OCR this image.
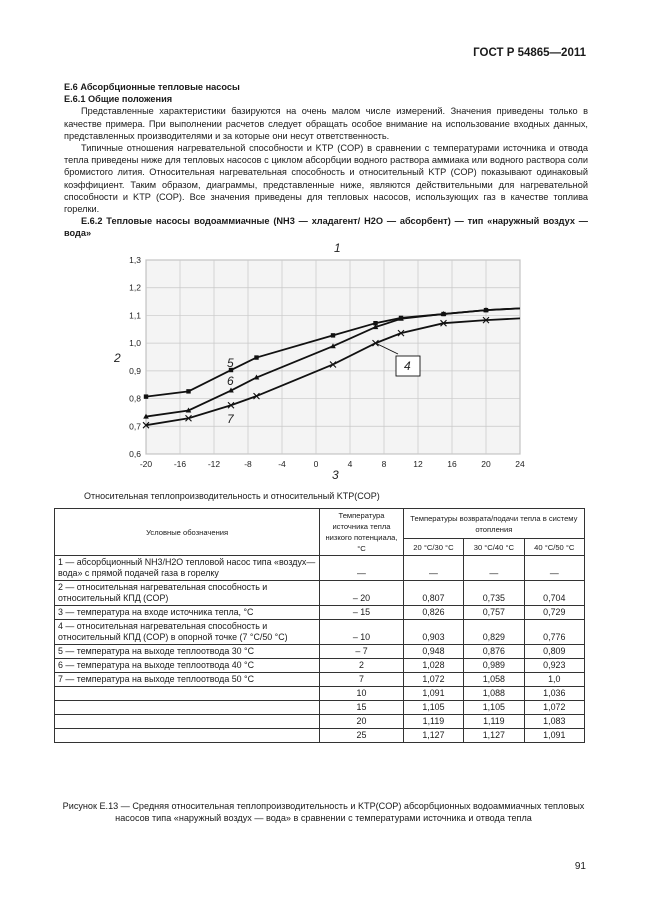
ГОСТ Р 54865—2011
Е.6 Абсорбционные тепловые насосы
Е.6.1 Общие положения

Представленные характеристики базируются на очень малом числе измерений. Значения приведены только в качестве примера. При выполнении расчетов следует обращать особое внимание на использование входных данных, представленных производителями и за которые они несут ответственность.

Типичные отношения нагревательной способности и KТР (COP) в сравнении с температурами источника и отвода тепла приведены ниже для тепловых насосов с циклом абсорбции водного раствора аммиака или водного раствора соли бромистого лития. Относительная нагревательная способность и относительный KТР (COP) показывают одинаковый коэффициент. Таким образом, диаграммы, представленные ниже, являются действительными для нагревательной способности и KТР (COP). Все значения приведены для тепловых насосов, использующих газ в качестве топлива горелки.

Е.6.2 Тепловые насосы водоаммиачные (NH3 — хладагент/ H2O — абсорбент) — тип «наружный воздух — вода»

-20	-16	-12	-8	-4	0	4	8	12	16	20	24
0,6
0,7
0,8
0,9
1,0
1,1
1,2
1,3
1
2
3
5
6
7
4
Относительная теплопроизводительность и относительный KТР(COP)
Условные обозначения	Температура источника тепла низкого потенциала, °С	Температуры возврата/подачи тепла в систему отопления		
		20 °С/30 °С	30 °С/40 °С	40 °С/50 °С
1 — абсорбционный NH3/H2O тепловой насос типа «воздух—вода» с прямой подачей газа в горелку	—	—	—	—
2 — относительная нагревательная способность и относительный КПД (COP)	– 20	0,807	0,735	0,704
3 — температура на входе источника тепла, °С	– 15	0,826	0,757	0,729
4 — относительная нагревательная способность и относительный КПД (COP) в опорной точке (7 °С/50 °С)	– 10	0,903	0,829	0,776
5 — температура на выходе теплоотвода 30 °С	– 7	0,948	0,876	0,809
6 — температура на выходе теплоотвода 40 °С	2	1,028	0,989	0,923
7 — температура на выходе теплоотвода 50 °С	7	1,072	1,058	1,0
	10	1,091	1,088	1,036
	15	1,105	1,105	1,072
	20	1,119	1,119	1,083
	25	1,127	1,127	1,091
Рисунок Е.13 — Средняя относительная теплопроизводительность и KТР(COP) абсорбционных водоаммиачных тепловых насосов типа «наружный воздух — вода» в сравнении с температурами источника и отвода тепла
91
